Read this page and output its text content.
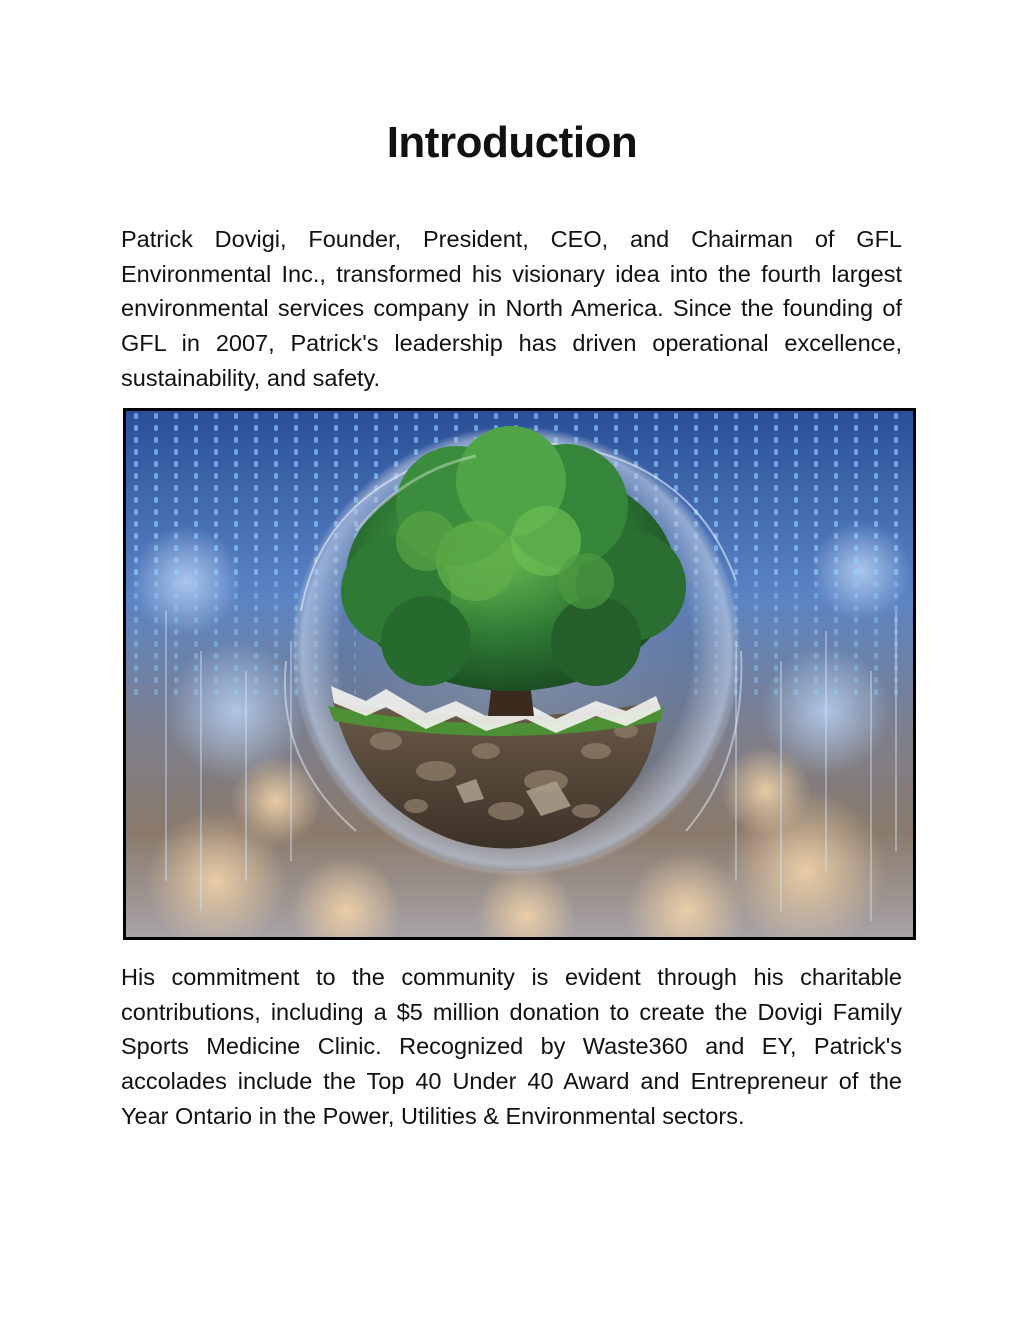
Introduction

Patrick Dovigi, Founder, President, CEO, and Chairman of GFL Environmental Inc., transformed his visionary idea into the fourth largest environmental services company in North America. Since the founding of GFL in 2007, Patrick's leadership has driven operational excellence, sustainability, and safety.

His commitment to the community is evident through his charitable contributions, including a $5 million donation to create the Dovigi Family Sports Medicine Clinic. Recognized by Waste360 and EY, Patrick's accolades include the Top 40 Under 40 Award and Entrepreneur of the Year Ontario in the Power, Utilities & Environmental sectors.
